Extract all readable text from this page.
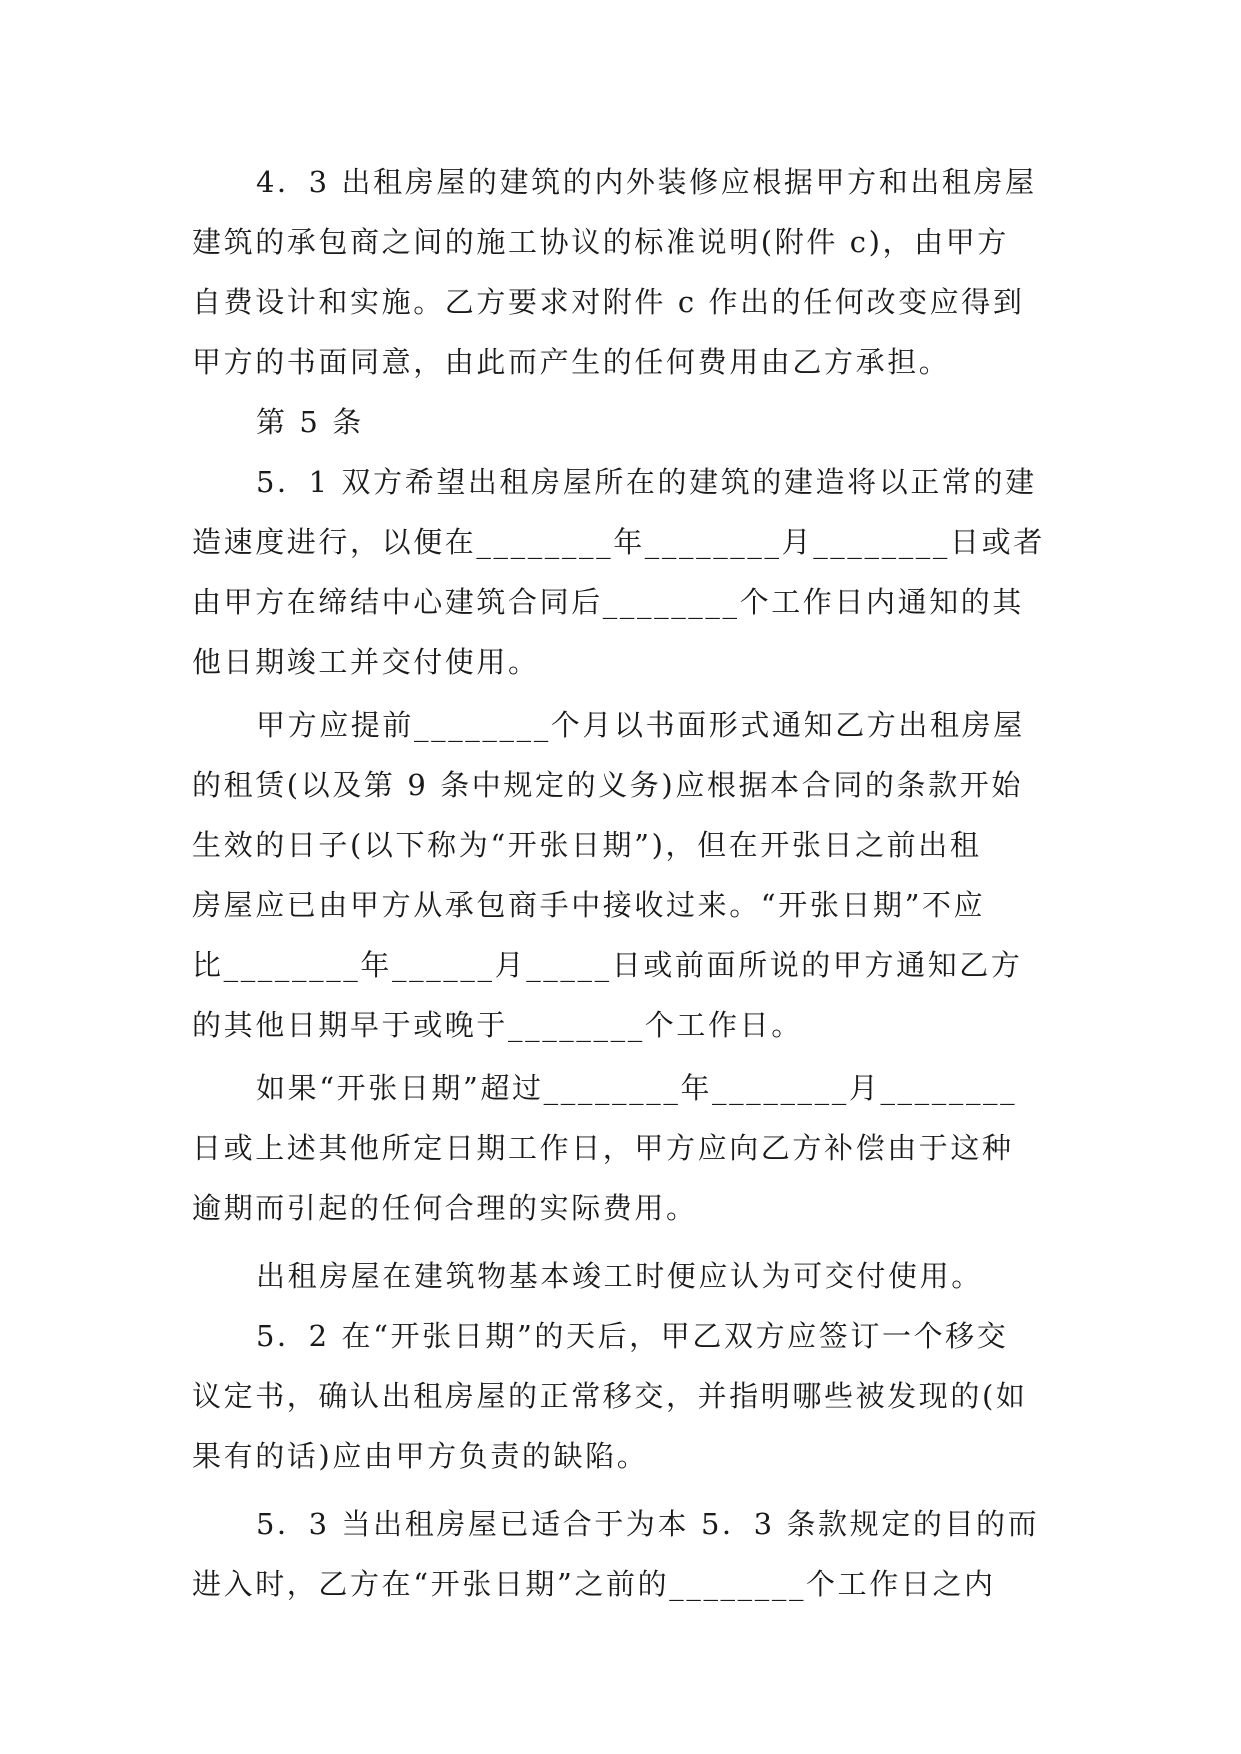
4．3 出租房屋的建筑的内外装修应根据甲方和出租房屋
建筑的承包商之间的施工协议的标准说明(附件 c)，由甲方
自费设计和实施。乙方要求对附件 c 作出的任何改变应得到
甲方的书面同意，由此而产生的任何费用由乙方承担。
第 5 条
5．1 双方希望出租房屋所在的建筑的建造将以正常的建
造速度进行，以便在________年________月________日或者
由甲方在缔结中心建筑合同后________个工作日内通知的其
他日期竣工并交付使用。
甲方应提前________个月以书面形式通知乙方出租房屋
的租赁(以及第 9 条中规定的义务)应根据本合同的条款开始
生效的日子(以下称为“开张日期”)，但在开张日之前出租
房屋应已由甲方从承包商手中接收过来。“开张日期”不应
比________年______月_____日或前面所说的甲方通知乙方
的其他日期早于或晚于________个工作日。
如果“开张日期”超过________年________月________
日或上述其他所定日期工作日，甲方应向乙方补偿由于这种
逾期而引起的任何合理的实际费用。
出租房屋在建筑物基本竣工时便应认为可交付使用。
5．2 在“开张日期”的天后，甲乙双方应签订一个移交
议定书，确认出租房屋的正常移交，并指明哪些被发现的(如
果有的话)应由甲方负责的缺陷。
5．3 当出租房屋已适合于为本 5．3 条款规定的目的而
进入时，乙方在“开张日期”之前的________个工作日之内
